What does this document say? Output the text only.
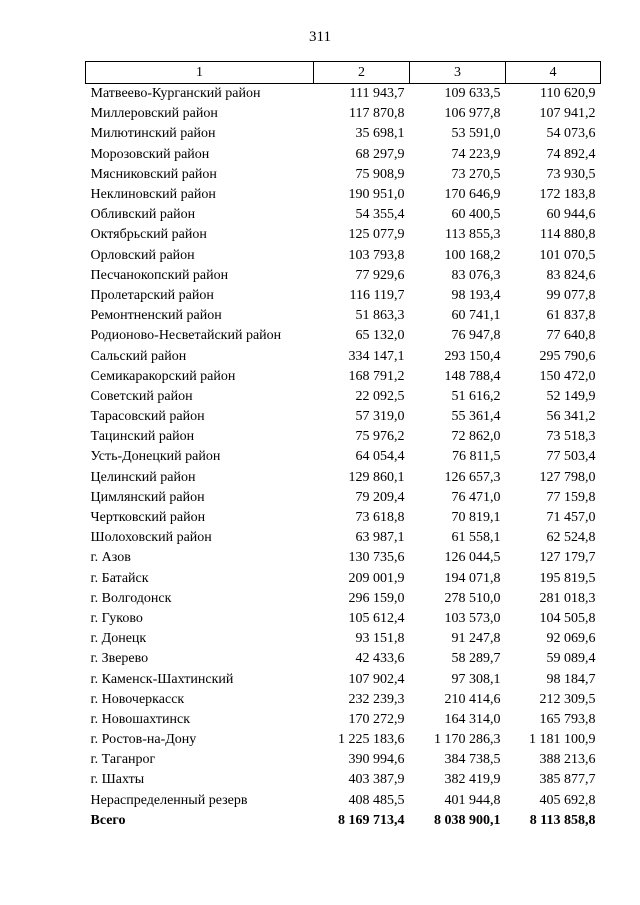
311
1	2	3	4
Матвеево-Курганский район	111 943,7	109 633,5	110 620,9
Миллеровский район	117 870,8	106 977,8	107 941,2
Милютинский район	35 698,1	53 591,0	54 073,6
Морозовский район	68 297,9	74 223,9	74 892,4
Мясниковский район	75 908,9	73 270,5	73 930,5
Неклиновский район	190 951,0	170 646,9	172 183,8
Обливский район	54 355,4	60 400,5	60 944,6
Октябрьский район	125 077,9	113 855,3	114 880,8
Орловский район	103 793,8	100 168,2	101 070,5
Песчанокопский район	77 929,6	83 076,3	83 824,6
Пролетарский район	116 119,7	98 193,4	99 077,8
Ремонтненский район	51 863,3	60 741,1	61 837,8
Родионово-Несветайский район	65 132,0	76 947,8	77 640,8
Сальский район	334 147,1	293 150,4	295 790,6
Семикаракорский район	168 791,2	148 788,4	150 472,0
Советский район	22 092,5	51 616,2	52 149,9
Тарасовский район	57 319,0	55 361,4	56 341,2
Тацинский район	75 976,2	72 862,0	73 518,3
Усть-Донецкий район	64 054,4	76 811,5	77 503,4
Целинский район	129 860,1	126 657,3	127 798,0
Цимлянский район	79 209,4	76 471,0	77 159,8
Чертковский район	73 618,8	70 819,1	71 457,0
Шолоховский район	63 987,1	61 558,1	62 524,8
г. Азов	130 735,6	126 044,5	127 179,7
г. Батайск	209 001,9	194 071,8	195 819,5
г. Волгодонск	296 159,0	278 510,0	281 018,3
г. Гуково	105 612,4	103 573,0	104 505,8
г. Донецк	93 151,8	91 247,8	92 069,6
г. Зверево	42 433,6	58 289,7	59 089,4
г. Каменск-Шахтинский	107 902,4	97 308,1	98 184,7
г. Новочеркасск	232 239,3	210 414,6	212 309,5
г. Новошахтинск	170 272,9	164 314,0	165 793,8
г. Ростов-на-Дону	1 225 183,6	1 170 286,3	1 181 100,9
г. Таганрог	390 994,6	384 738,5	388 213,6
г. Шахты	403 387,9	382 419,9	385 877,7
Нераспределенный резерв	408 485,5	401 944,8	405 692,8
Всего	8 169 713,4	8 038 900,1	8 113 858,8
